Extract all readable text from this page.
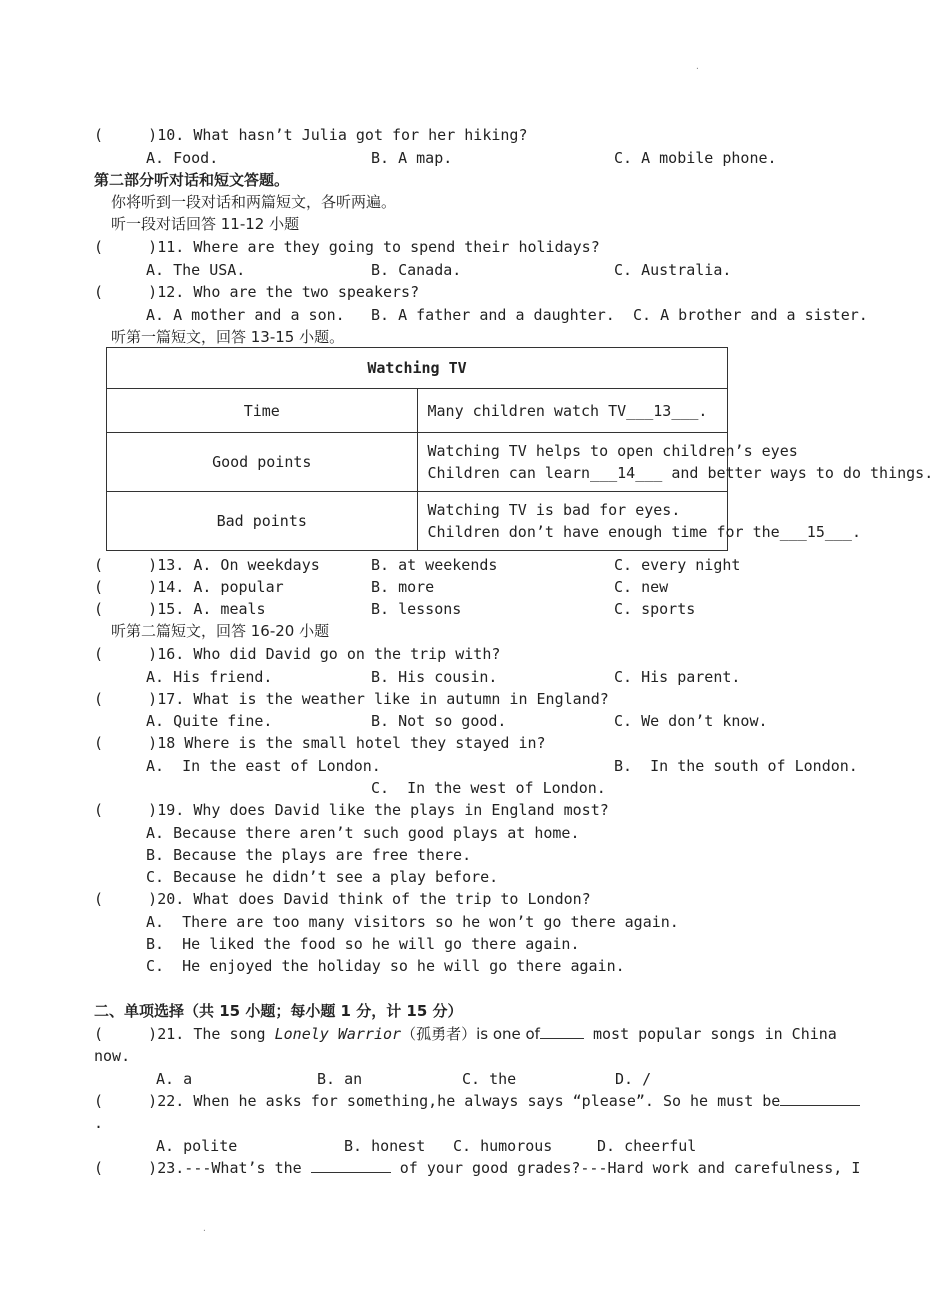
.
(     )10. What hasn’t Julia got for her hiking?
A. Food.	B. A map.	C. A mobile phone.
第二部分听对话和短文答题。
你将听到一段对话和两篇短文，各听两遍。
听一段对话回答 11-12 小题
(     )11. Where are they going to spend their holidays?
A. The USA.	B. Canada.	C. Australia.
(     )12. Who are the two speakers?
A. A mother and a son. B. A father and a daughter. C. A brother and a sister.
听第一篇短文，回答 13-15 小题。
Watching TV	
Time	Many children watch TV___13___.
Good points	Watching TV helps to open children’s eyes
Children can learn___14___ and better ways to do things.
Bad points	Watching TV is bad for eyes.
Children don’t have enough time for the___15___.
(     )13. A. On weekdays	B. at weekends	C. every night
(     )14. A. popular	B. more	C. new
(     )15. A. meals	B. lessons	C. sports
听第二篇短文，回答 16-20 小题
(     )16. Who did David go on the trip with?
A. His friend.	B. His cousin.	C. His parent.
(     )17. What is the weather like in autumn in England?
A. Quite fine.	B. Not so good.	C. We don’t know.
(     )18 Where is the small hotel they stayed in?
A.  In the east of London.	B.  In the south of London.
C.  In the west of London.
(     )19. Why does David like the plays in England most?
A. Because there aren’t such good plays at home.
B. Because the plays are free there.
C. Because he didn’t see a play before.
(     )20. What does David think of the trip to London?
A.  There are too many visitors so he won’t go there again.
B.  He liked the food so he will go there again.
C.  He enjoyed the holiday so he will go there again.
二、单项选择（共 15 小题；每小题 1 分，计 15 分）
(     )21. The song Lonely Warrior（孤勇者）is one of	most popular songs in China
now.
A. a	B. an	C. the	D. /
(     )22. When he asks for something,he always says “please”. So he must be
.
A. polite	B. honest C. humorous	D. cheerful
(     )23.---What’s the	of your good grades?---Hard work and carefulness, I
.
